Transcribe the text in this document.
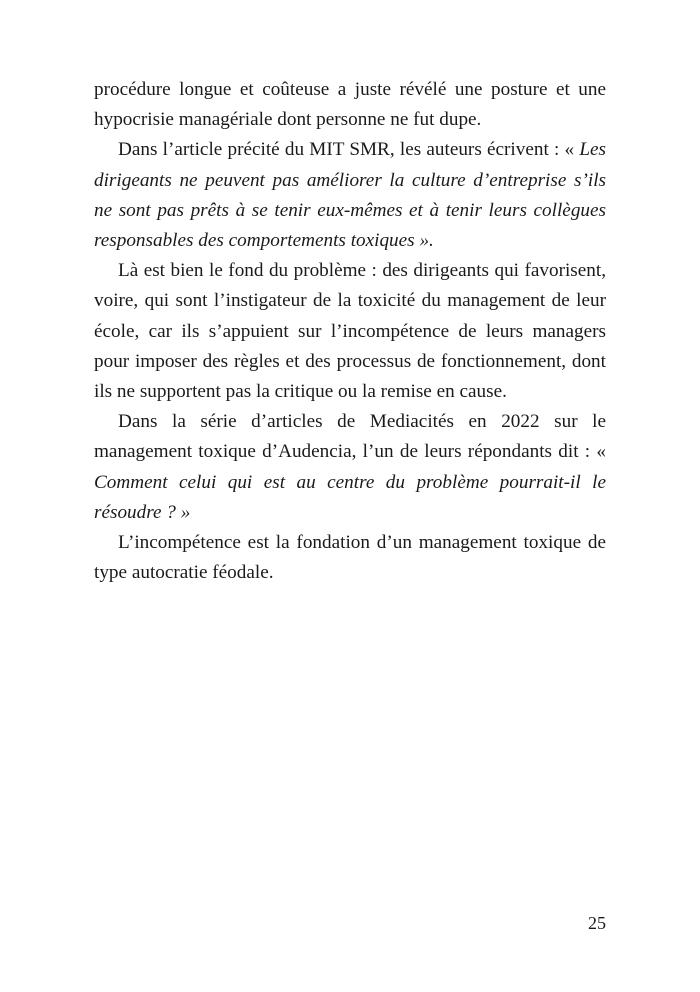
procédure longue et coûteuse a juste révélé une posture et une hypocrisie managériale dont personne ne fut dupe.

Dans l’article précité du MIT SMR, les auteurs écrivent : « Les dirigeants ne peuvent pas améliorer la culture d’entreprise s’ils ne sont pas prêts à se tenir eux-mêmes et à tenir leurs collègues responsables des comportements toxiques ».

Là est bien le fond du problème : des dirigeants qui favorisent, voire, qui sont l’instigateur de la toxicité du management de leur école, car ils s’appuient sur l’incompétence de leurs managers pour imposer des règles et des processus de fonctionnement, dont ils ne supportent pas la critique ou la remise en cause.

Dans la série d’articles de Mediacités en 2022 sur le management toxique d’Audencia, l’un de leurs répondants dit : « Comment celui qui est au centre du problème pourrait-il le résoudre ? »

L’incompétence est la fondation d’un management toxique de type autocratie féodale.

25
